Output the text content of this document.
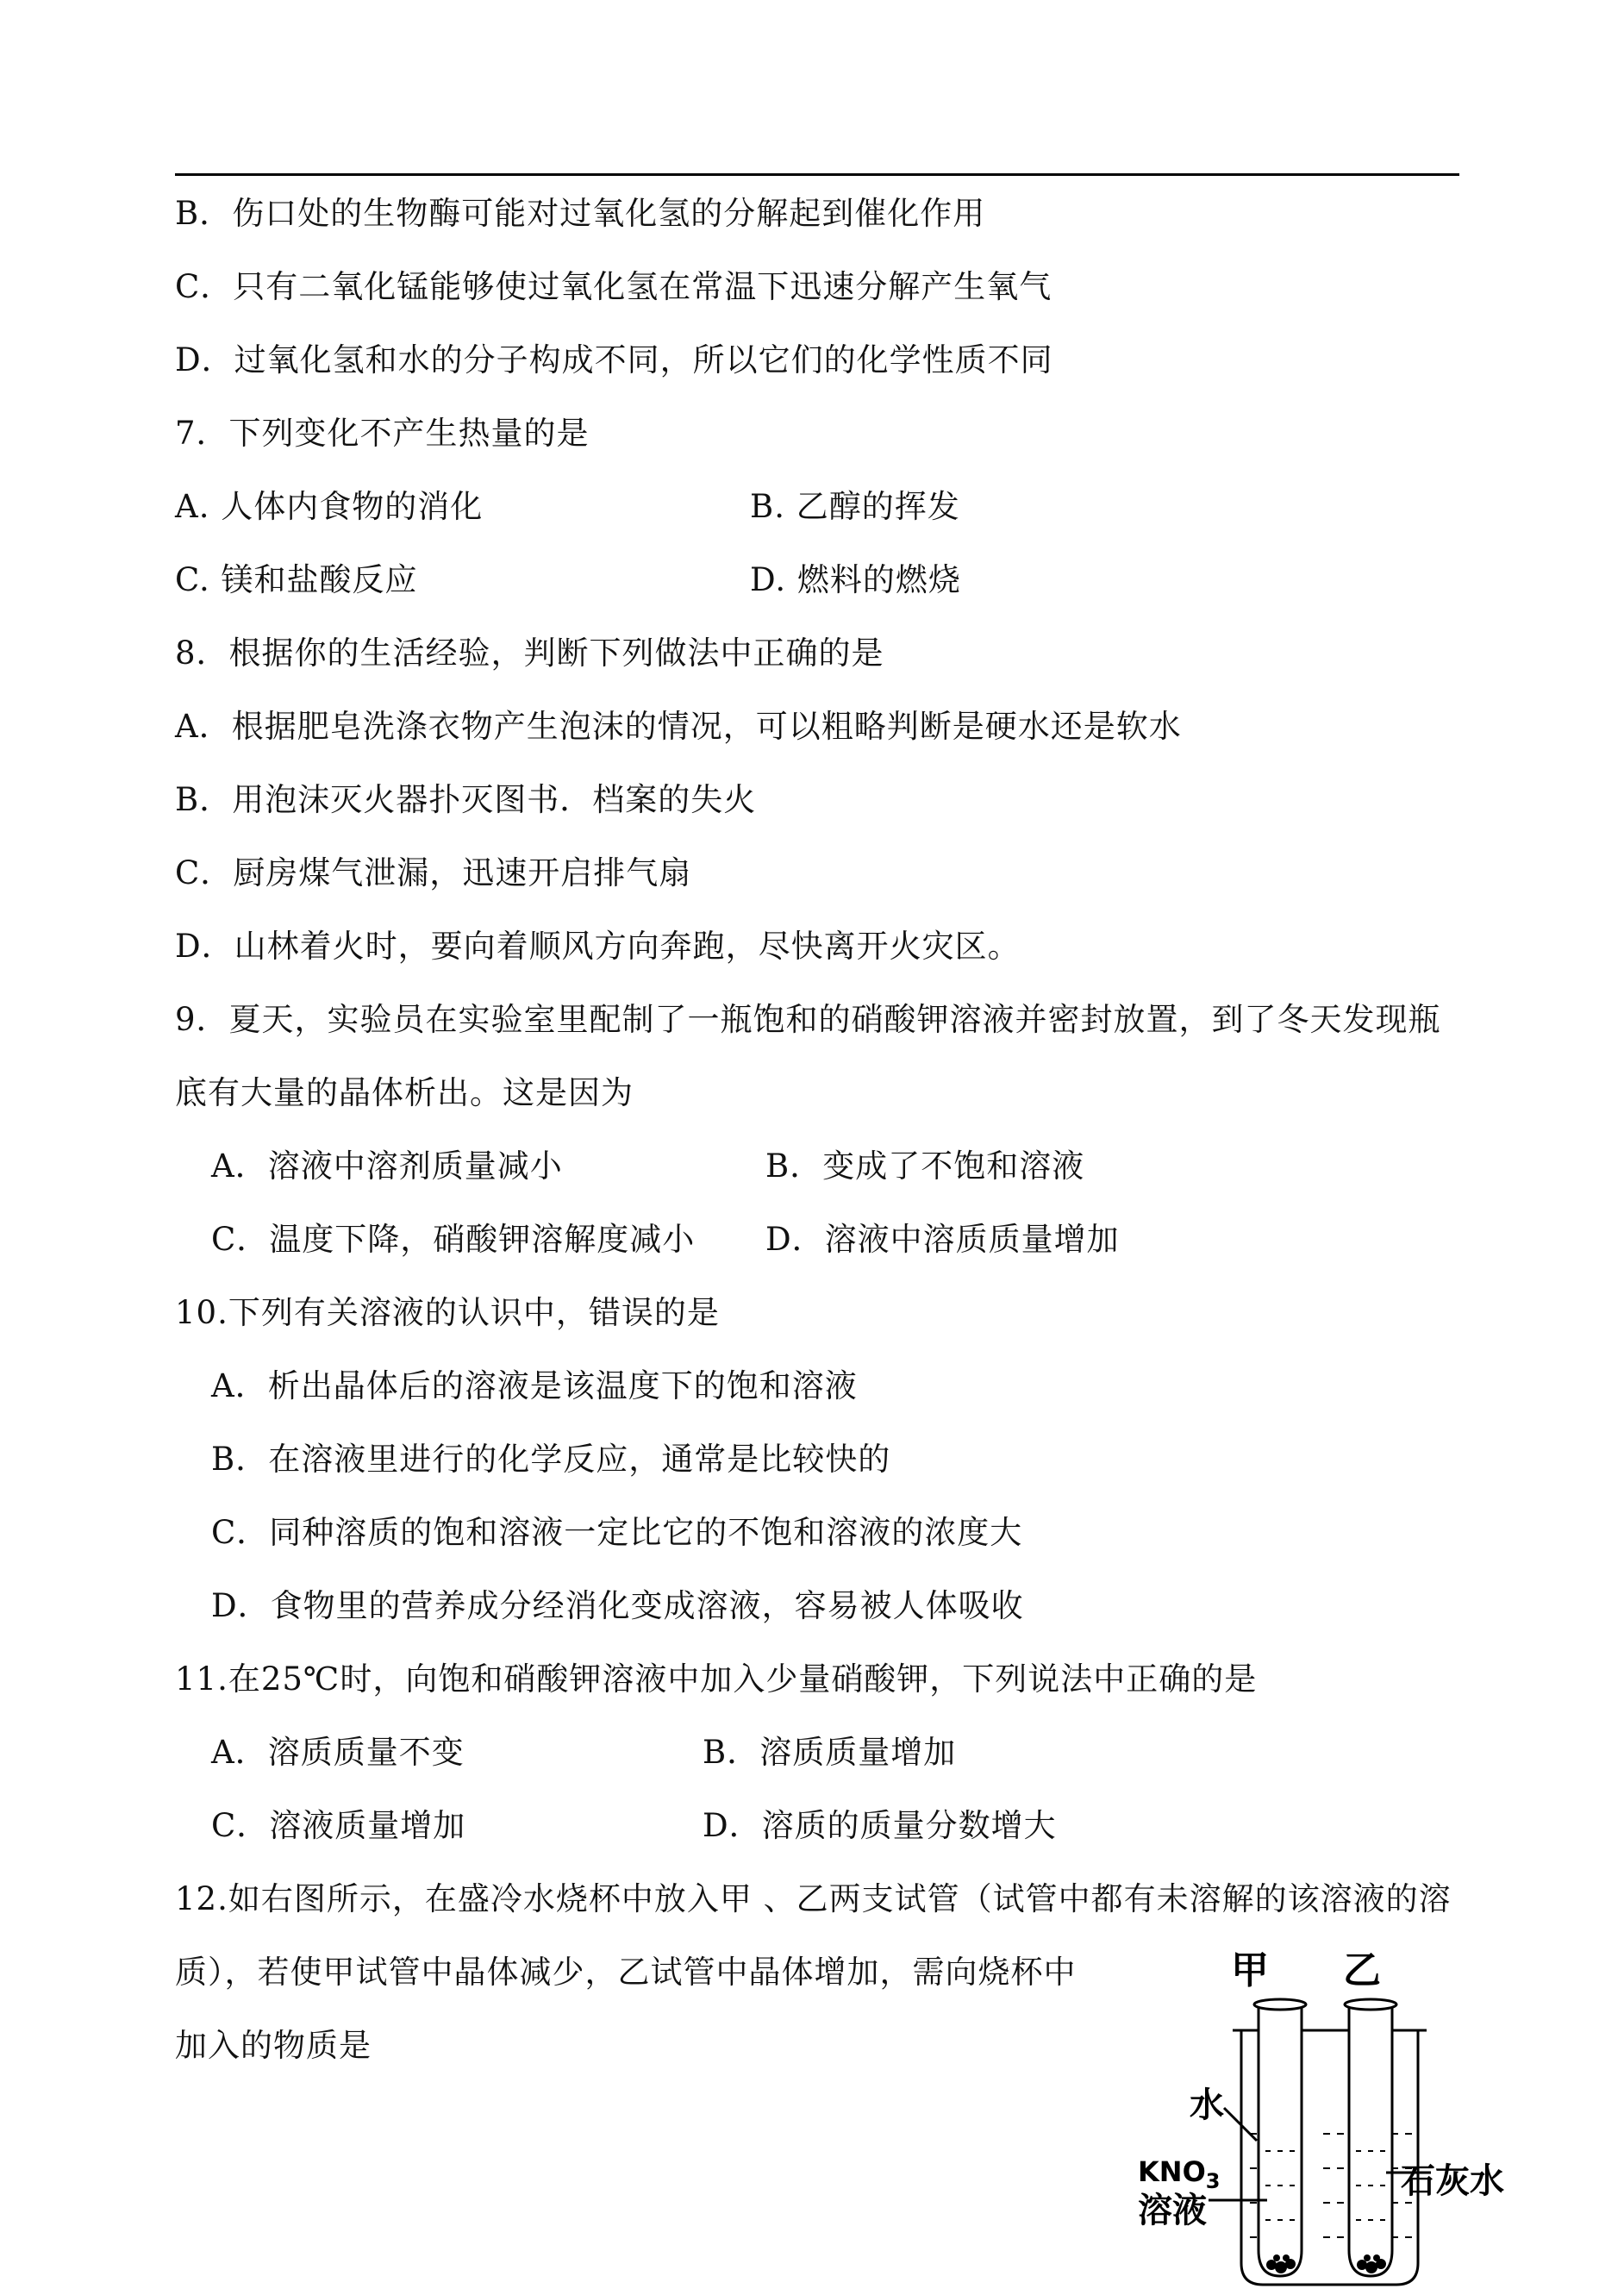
B．伤口处的生物酶可能对过氧化氢的分解起到催化作用
C．只有二氧化锰能够使过氧化氢在常温下迅速分解产生氧气
D．过氧化氢和水的分子构成不同，所以它们的化学性质不同
7．下列变化不产生热量的是
A. 人体内食物的消化	B. 乙醇的挥发
C. 镁和盐酸反应	D. 燃料的燃烧
8．根据你的生活经验，判断下列做法中正确的是
A．根据肥皂洗涤衣物产生泡沫的情况，可以粗略判断是硬水还是软水
B．用泡沫灭火器扑灭图书．档案的失火
C．厨房煤气泄漏，迅速开启排气扇
D．山林着火时，要向着顺风方向奔跑，尽快离开火灾区。
9．夏天，实验员在实验室里配制了一瓶饱和的硝酸钾溶液并密封放置，到了冬天发现瓶
底有大量的晶体析出。这是因为
A．溶液中溶剂质量减小	B．变成了不饱和溶液
C．温度下降，硝酸钾溶解度减小 D．溶液中溶质质量增加
10.下列有关溶液的认识中，错误的是
A．析出晶体后的溶液是该温度下的饱和溶液
B．在溶液里进行的化学反应，通常是比较快的
C．同种溶质的饱和溶液一定比它的不饱和溶液的浓度大
D．食物里的营养成分经消化变成溶液，容易被人体吸收
11.在25℃时，向饱和硝酸钾溶液中加入少量硝酸钾，下列说法中正确的是
A．溶质质量不变	B．溶质质量增加
C．溶液质量增加	D．溶质的质量分数增大
12.如右图所示，在盛冷水烧杯中放入甲 、乙两支试管（试管中都有未溶解的该溶液的溶
质），若使甲试管中晶体减少，乙试管中晶体增加，需向烧杯中
加入的物质是
甲 乙
水
$KNO_3$
溶液
石灰水
